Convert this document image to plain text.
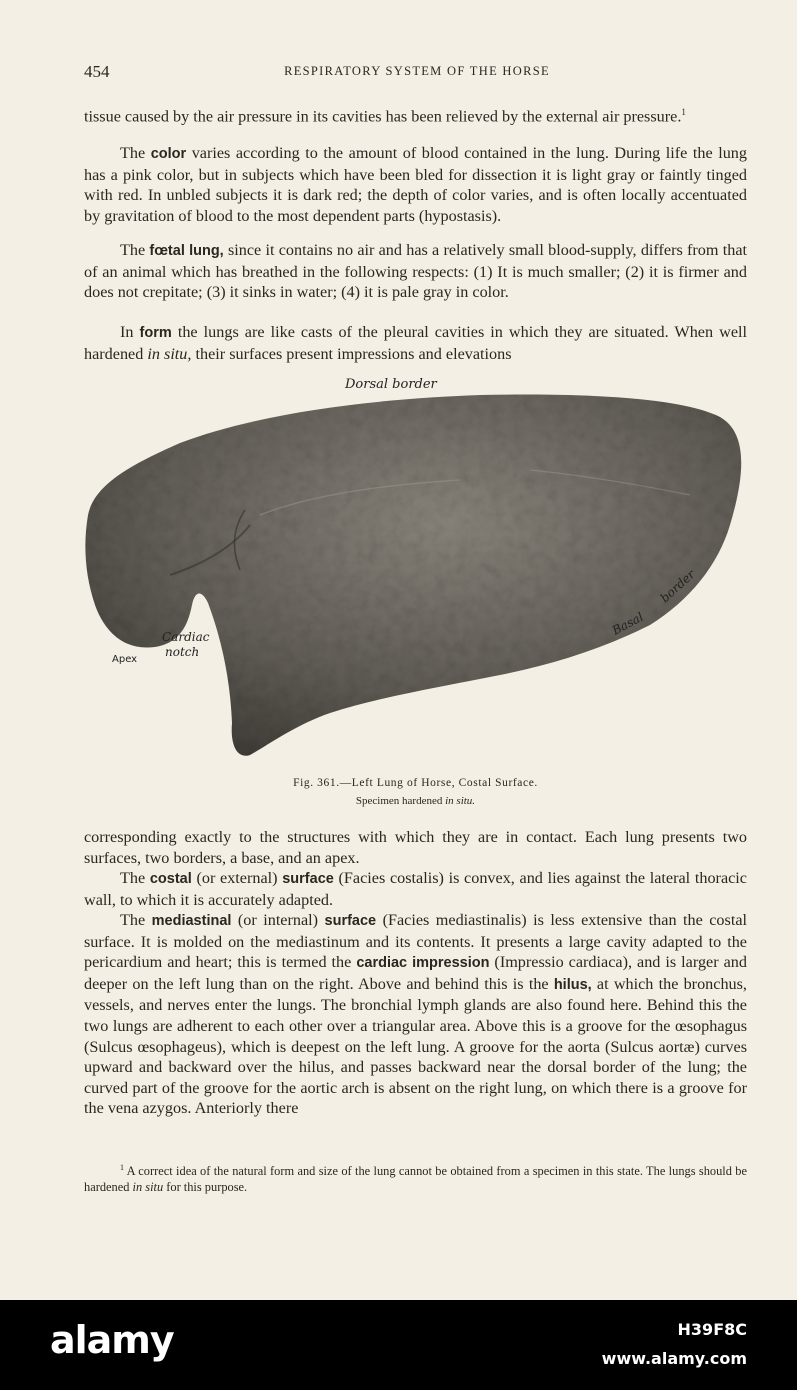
454	RESPIRATORY SYSTEM OF THE HORSE

tissue caused by the air pressure in its cavities has been relieved by the external air pressure.$^1$

The color varies according to the amount of blood contained in the lung. During life the lung has a pink color, but in subjects which have been bled for dissection it is light gray or faintly tinged with red. In unbled subjects it is dark red; the depth of color varies, and is often locally accentuated by gravitation of blood to the most dependent parts (hypostasis).

The fœtal lung, since it contains no air and has a relatively small blood-supply, differs from that of an animal which has breathed in the following respects: (1) It is much smaller; (2) it is firmer and does not crepitate; (3) it sinks in water; (4) it is pale gray in color.

In form the lungs are like casts of the pleural cavities in which they are situated. When well hardened in situ, their surfaces present impressions and elevations

Dorsal border
Basal
border
Cardiac
notch
Apex
Fig. 361.—Left Lung of Horse, Costal Surface.
Specimen hardened in situ.

corresponding exactly to the structures with which they are in contact. Each lung presents two surfaces, two borders, a base, and an apex.

The costal (or external) surface (Facies costalis) is convex, and lies against the lateral thoracic wall, to which it is accurately adapted.

The mediastinal (or internal) surface (Facies mediastinalis) is less extensive than the costal surface. It is molded on the mediastinum and its contents. It presents a large cavity adapted to the pericardium and heart; this is termed the cardiac impression (Impressio cardiaca), and is larger and deeper on the left lung than on the right. Above and behind this is the hilus, at which the bronchus, vessels, and nerves enter the lungs. The bronchial lymph glands are also found here. Behind this the two lungs are adherent to each other over a triangular area. Above this is a groove for the œsophagus (Sulcus œsophageus), which is deepest on the left lung. A groove for the aorta (Sulcus aortæ) curves upward and backward over the hilus, and passes backward near the dorsal border of the lung; the curved part of the groove for the aortic arch is absent on the right lung, on which there is a groove for the vena azygos. Anteriorly there

$^1$ A correct idea of the natural form and size of the lung cannot be obtained from a specimen in this state. The lungs should be hardened in situ for this purpose.

alamy	H39F8C
www.alamy.com
